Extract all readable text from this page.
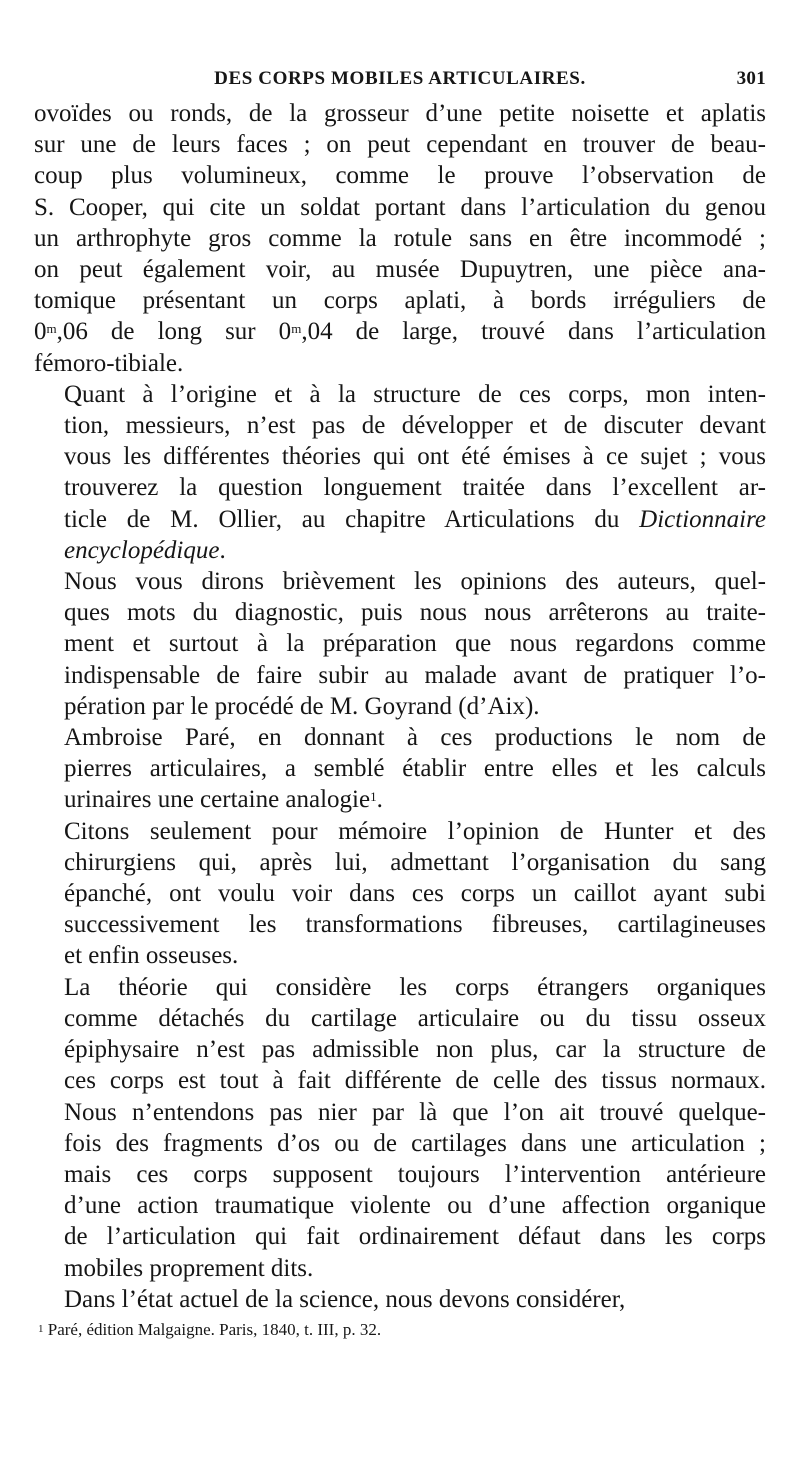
DES CORPS MOBILES ARTICULAIRES.	301

ovoïdes ou ronds, de la grosseur d’une petite noisette et aplatis
sur une de leurs faces ; on peut cependant en trouver de beau-
coup plus volumineux, comme le prouve l’observation de
S. Cooper, qui cite un soldat portant dans l’articulation du genou
un arthrophyte gros comme la rotule sans en être incommodé ;
on peut également voir, au musée Dupuytren, une pièce ana-
tomique présentant un corps aplati, à bords irréguliers de
0$^m$,06 de long sur 0$^m$,04 de large, trouvé dans l’articulation
fémoro-tibiale.

Quant à l’origine et à la structure de ces corps, mon inten-
tion, messieurs, n’est pas de développer et de discuter devant
vous les différentes théories qui ont été émises à ce sujet ; vous
trouverez la question longuement traitée dans l’excellent ar-
ticle de M. Ollier, au chapitre Articulations du Dictionnaire
encyclopédique.

Nous vous dirons brièvement les opinions des auteurs, quel-
ques mots du diagnostic, puis nous nous arrêterons au traite-
ment et surtout à la préparation que nous regardons comme
indispensable de faire subir au malade avant de pratiquer l’o-
pération par le procédé de M. Goyrand (d’Aix).

Ambroise Paré, en donnant à ces productions le nom de
pierres articulaires, a semblé établir entre elles et les calculs
urinaires une certaine analogie$^1$.

Citons seulement pour mémoire l’opinion de Hunter et des
chirurgiens qui, après lui, admettant l’organisation du sang
épanché, ont voulu voir dans ces corps un caillot ayant subi
successivement les transformations fibreuses, cartilagineuses
et enfin osseuses.

La théorie qui considère les corps étrangers organiques
comme détachés du cartilage articulaire ou du tissu osseux
épiphysaire n’est pas admissible non plus, car la structure de
ces corps est tout à fait différente de celle des tissus normaux.
Nous n’entendons pas nier par là que l’on ait trouvé quelque-
fois des fragments d’os ou de cartilages dans une articulation ;
mais ces corps supposent toujours l’intervention antérieure
d’une action traumatique violente ou d’une affection organique
de l’articulation qui fait ordinairement défaut dans les corps
mobiles proprement dits.

Dans l’état actuel de la science, nous devons considérer,

$^1$ Paré, édition Malgaigne. Paris, 1840, t. III, p. 32.
